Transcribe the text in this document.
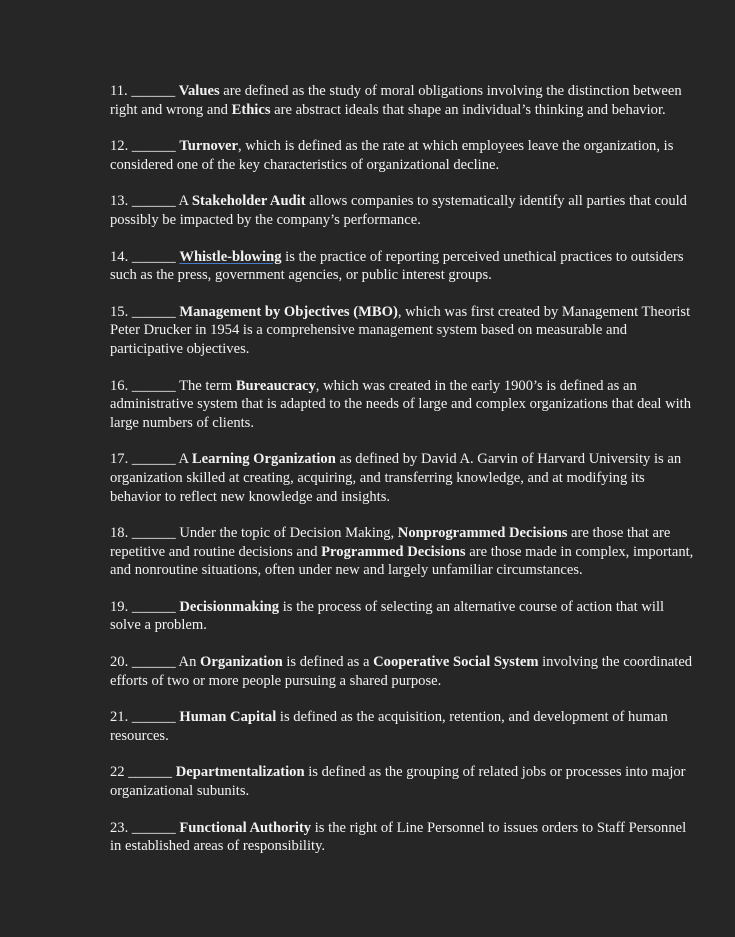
11. ______ Values are defined as the study of moral obligations involving the distinction between right and wrong and Ethics are abstract ideals that shape an individual’s thinking and behavior.

12. ______ Turnover, which is defined as the rate at which employees leave the organization, is considered one of the key characteristics of organizational decline.

13. ______ A Stakeholder Audit allows companies to systematically identify all parties that could possibly be impacted by the company’s performance.

14. ______ Whistle-blowing is the practice of reporting perceived unethical practices to outsiders such as the press, government agencies, or public interest groups.

15. ______ Management by Objectives (MBO), which was first created by Management Theorist Peter Drucker in 1954 is a comprehensive management system based on measurable and participative objectives.

16. ______ The term Bureaucracy, which was created in the early 1900’s is defined as an administrative system that is adapted to the needs of large and complex organizations that deal with large numbers of clients.

17. ______ A Learning Organization as defined by David A. Garvin of Harvard University is an organization skilled at creating, acquiring, and transferring knowledge, and at modifying its behavior to reflect new knowledge and insights.

18. ______ Under the topic of Decision Making, Nonprogrammed Decisions are those that are repetitive and routine decisions and Programmed Decisions are those made in complex, important, and nonroutine situations, often under new and largely unfamiliar circumstances.

19. ______ Decisionmaking is the process of selecting an alternative course of action that will solve a problem.

20. ______ An Organization is defined as a Cooperative Social System involving the coordinated efforts of two or more people pursuing a shared purpose.

21. ______ Human Capital is defined as the acquisition, retention, and development of human resources.

22 ______ Departmentalization is defined as the grouping of related jobs or processes into major organizational subunits.

23. ______ Functional Authority is the right of Line Personnel to issues orders to Staff Personnel in established areas of responsibility.
